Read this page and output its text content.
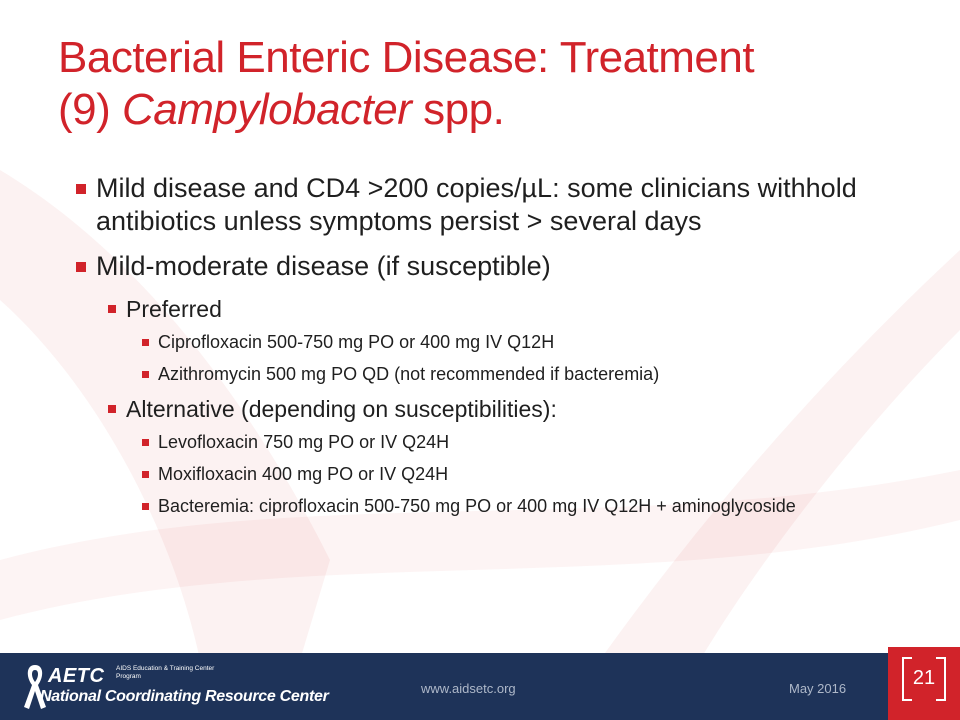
Bacterial Enteric Disease: Treatment
(9) Campylobacter spp.
Mild disease and CD4 >200 copies/µL: some clinicians withhold antibiotics unless symptoms persist > several days
Mild-moderate disease (if susceptible)
Preferred
Ciprofloxacin 500-750 mg PO or 400 mg IV Q12H
Azithromycin 500 mg PO QD (not recommended if bacteremia)
Alternative (depending on susceptibilities):
Levofloxacin 750 mg PO or IV Q24H
Moxifloxacin 400 mg PO or IV Q24H
Bacteremia: ciprofloxacin 500-750 mg PO or 400 mg IV Q12H + aminoglycoside
AETC AIDS Education & Training Center Program
National Coordinating Resource Center	www.aidsetc.org	May 2016	21
